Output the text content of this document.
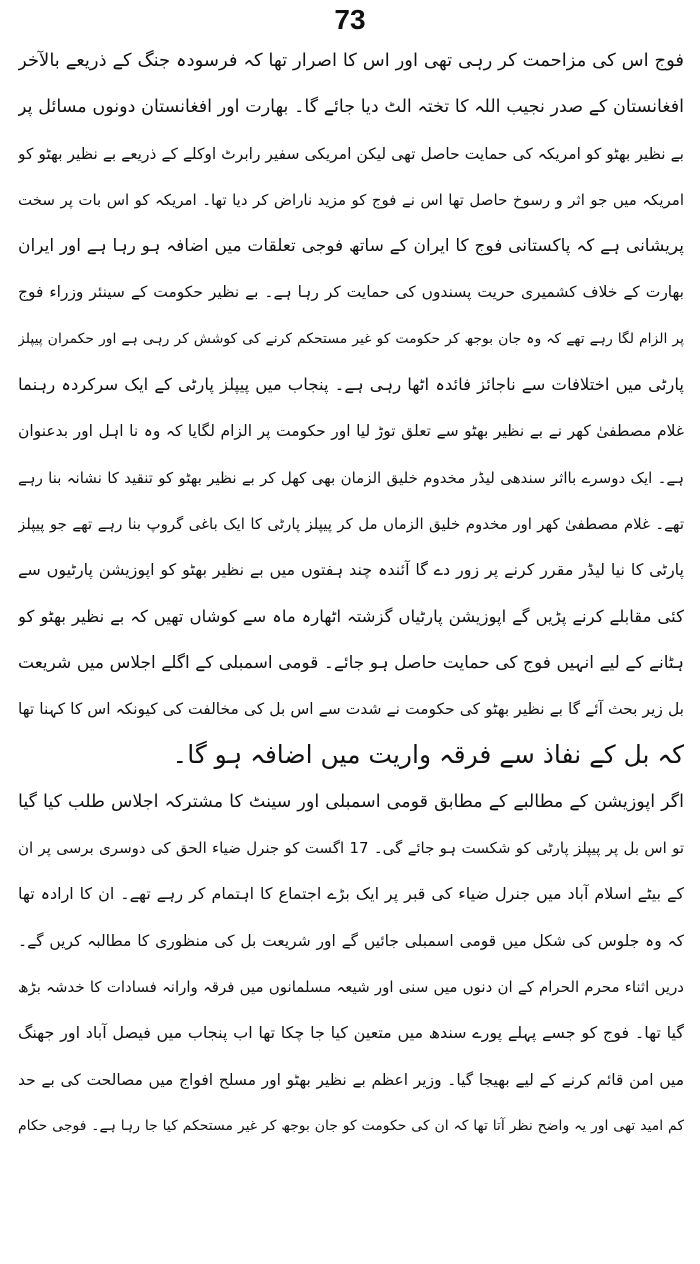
73
فوج اس کی مزاحمت کر رہی تھی اور اس کا اصرار تھا کہ فرسودہ جنگ کے ذریعے بالآخر
افغانستان کے صدر نجیب اللہ کا تختہ الٹ دیا جائے گا۔ بھارت اور افغانستان دونوں مسائل پر
بے نظیر بھٹو کو امریکہ کی حمایت حاصل تھی لیکن امریکی سفیر رابرٹ اوکلے کے ذریعے بے نظیر بھٹو کو
امریکہ میں جو اثر و رسوخ حاصل تھا اس نے فوج کو مزید ناراض کر دیا تھا۔ امریکہ کو اس بات پر سخت
پریشانی ہے کہ پاکستانی فوج کا ایران کے ساتھ فوجی تعلقات میں اضافہ ہو رہا ہے اور ایران
بھارت کے خلاف کشمیری حریت پسندوں کی حمایت کر رہا ہے۔ بے نظیر حکومت کے سینئر وزراء فوج
پر الزام لگا رہے تھے کہ وہ جان بوجھ کر حکومت کو غیر مستحکم کرنے کی کوشش کر رہی ہے اور حکمران پیپلز
پارٹی میں اختلافات سے ناجائز فائدہ اٹھا رہی ہے۔ پنجاب میں پیپلز پارٹی کے ایک سرکردہ رہنما
غلام مصطفیٰ کھر نے بے نظیر بھٹو سے تعلق توڑ لیا اور حکومت پر الزام لگایا کہ وہ نا اہل اور بدعنوان
ہے۔ ایک دوسرے بااثر سندھی لیڈر مخدوم خلیق الزمان بھی کھل کر بے نظیر بھٹو کو تنقید کا نشانہ بنا رہے
تھے۔ غلام مصطفیٰ کھر اور مخدوم خلیق الزماں مل کر پیپلز پارٹی کا ایک باغی گروپ بنا رہے تھے جو پیپلز
پارٹی کا نیا لیڈر مقرر کرنے پر زور دے گا آئندہ چند ہفتوں میں بے نظیر بھٹو کو اپوزیشن پارٹیوں سے
کئی مقابلے کرنے پڑیں گے اپوزیشن پارٹیاں گزشتہ اٹھارہ ماہ سے کوشاں تھیں کہ بے نظیر بھٹو کو
ہٹانے کے لیے انہیں فوج کی حمایت حاصل ہو جائے۔ قومی اسمبلی کے اگلے اجلاس میں شریعت
بل زیر بحث آئے گا بے نظیر بھٹو کی حکومت نے شدت سے اس بل کی مخالفت کی کیونکہ اس کا کہنا تھا
کہ بل کے نفاذ سے فرقہ واریت میں اضافہ ہو گا۔
اگر اپوزیشن کے مطالبے کے مطابق قومی اسمبلی اور سینٹ کا مشترکہ اجلاس طلب کیا گیا
تو اس بل پر پیپلز پارٹی کو شکست ہو جائے گی۔ 17 اگست کو جنرل ضیاء الحق کی دوسری برسی پر ان
کے بیٹے اسلام آباد میں جنرل ضیاء کی قبر پر ایک بڑے اجتماع کا اہتمام کر رہے تھے۔ ان کا ارادہ تھا
کہ وہ جلوس کی شکل میں قومی اسمبلی جائیں گے اور شریعت بل کی منظوری کا مطالبہ کریں گے۔
دریں اثناء محرم الحرام کے ان دنوں میں سنی اور شیعہ مسلمانوں میں فرقہ وارانہ فسادات کا خدشہ بڑھ
گیا تھا۔ فوج کو جسے پہلے پورے سندھ میں متعین کیا جا چکا تھا اب پنجاب میں فیصل آباد اور جھنگ
میں امن قائم کرنے کے لیے بھیجا گیا۔ وزیر اعظم بے نظیر بھٹو اور مسلح افواج میں مصالحت کی بے حد
کم امید تھی اور یہ واضح نظر آتا تھا کہ ان کی حکومت کو جان بوجھ کر غیر مستحکم کیا جا رہا ہے۔ فوجی حکام
